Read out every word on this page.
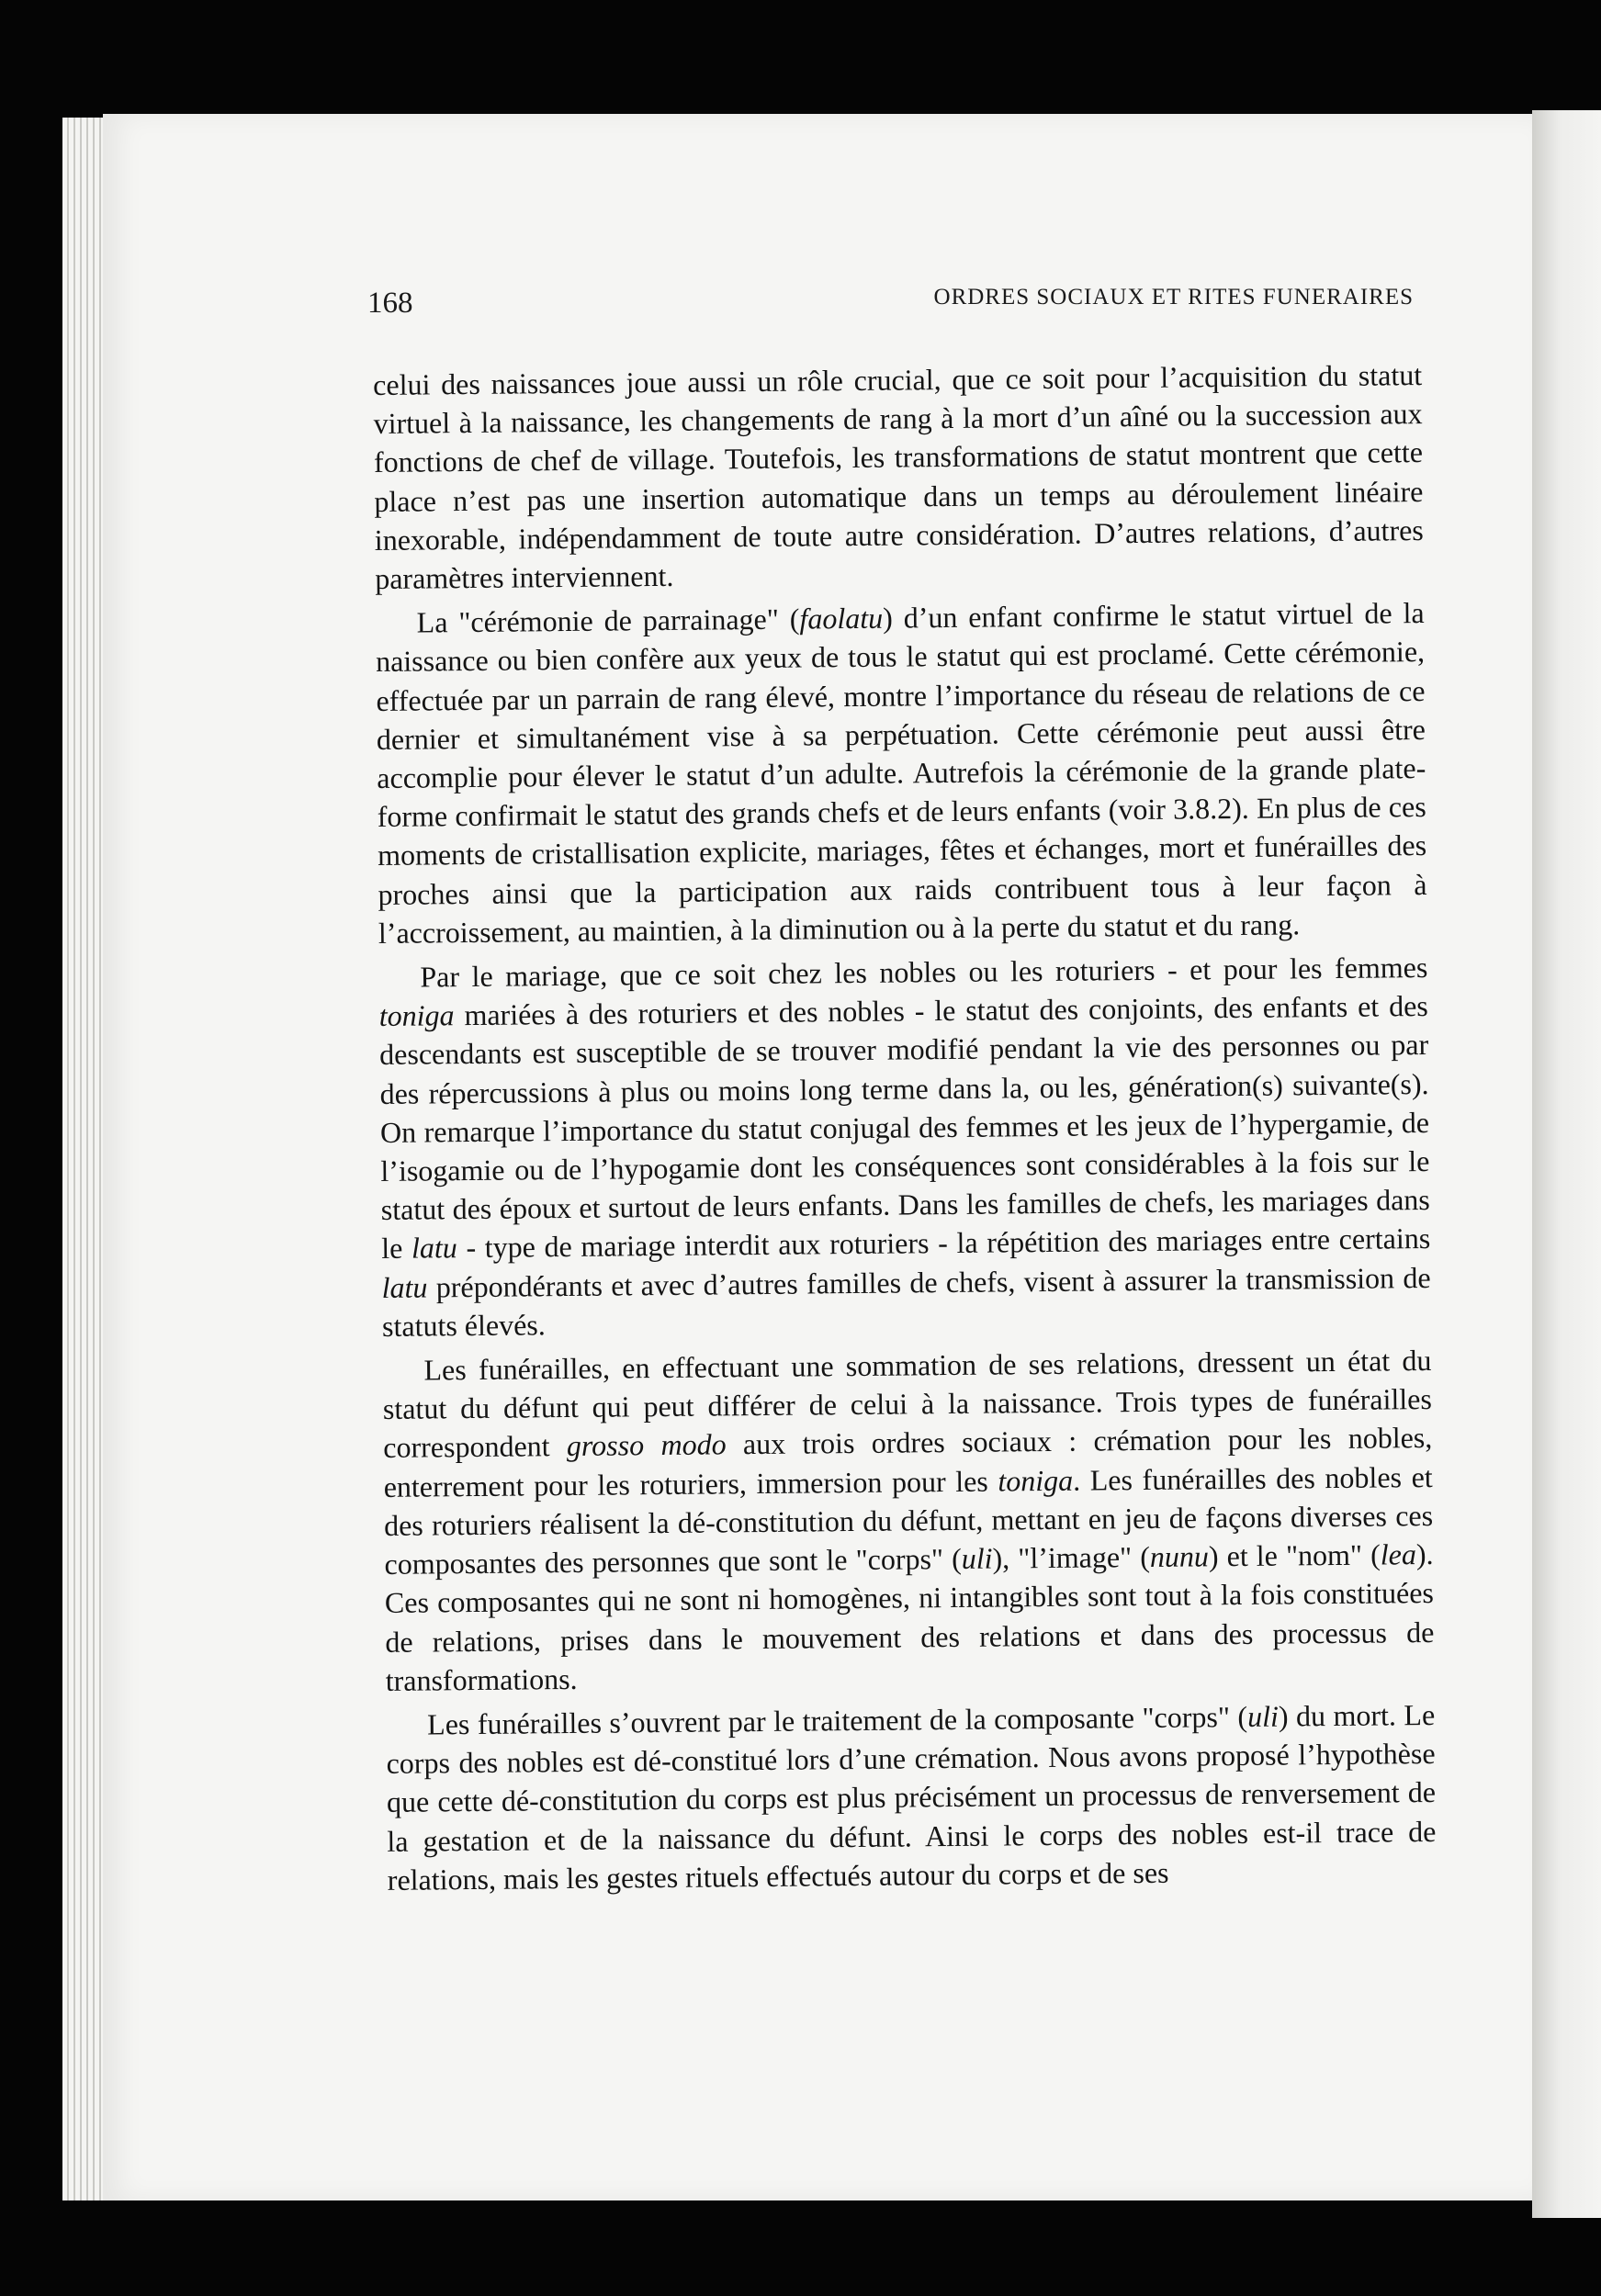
168	ORDRES SOCIAUX ET RITES FUNERAIRES

celui des naissances joue aussi un rôle crucial, que ce soit pour l’acquisition du statut virtuel à la naissance, les changements de rang à la mort d’un aîné ou la succession aux fonctions de chef de village. Toutefois, les transformations de statut montrent que cette place n’est pas une insertion automatique dans un temps au déroulement linéaire inexorable, indépendamment de toute autre considération. D’autres relations, d’autres paramètres interviennent.

La "cérémonie de parrainage" (faolatu) d’un enfant confirme le statut virtuel de la naissance ou bien confère aux yeux de tous le statut qui est proclamé. Cette cérémonie, effectuée par un parrain de rang élevé, montre l’importance du réseau de relations de ce dernier et simultanément vise à sa perpétuation. Cette cérémonie peut aussi être accomplie pour élever le statut d’un adulte. Autrefois la cérémonie de la grande plate-forme confirmait le statut des grands chefs et de leurs enfants (voir 3.8.2). En plus de ces moments de cristallisation explicite, mariages, fêtes et échanges, mort et funérailles des proches ainsi que la participation aux raids contribuent tous à leur façon à l’accroissement, au maintien, à la diminution ou à la perte du statut et du rang.

Par le mariage, que ce soit chez les nobles ou les roturiers - et pour les femmes toniga mariées à des roturiers et des nobles - le statut des conjoints, des enfants et des descendants est susceptible de se trouver modifié pendant la vie des personnes ou par des répercussions à plus ou moins long terme dans la, ou les, génération(s) suivante(s). On remarque l’importance du statut conjugal des femmes et les jeux de l’hypergamie, de l’isogamie ou de l’hypogamie dont les conséquences sont considérables à la fois sur le statut des époux et surtout de leurs enfants. Dans les familles de chefs, les mariages dans le latu - type de mariage interdit aux roturiers - la répétition des mariages entre certains latu prépondérants et avec d’autres familles de chefs, visent à assurer la transmission de statuts élevés.

Les funérailles, en effectuant une sommation de ses relations, dressent un état du statut du défunt qui peut différer de celui à la naissance. Trois types de funérailles correspondent grosso modo aux trois ordres sociaux : crémation pour les nobles, enterrement pour les roturiers, immersion pour les toniga. Les funérailles des nobles et des roturiers réalisent la dé-constitution du défunt, mettant en jeu de façons diverses ces composantes des personnes que sont le "corps" (uli), "l’image" (nunu) et le "nom" (lea). Ces composantes qui ne sont ni homogènes, ni intangibles sont tout à la fois constituées de relations, prises dans le mouvement des relations et dans des processus de transformations.

Les funérailles s’ouvrent par le traitement de la composante "corps" (uli) du mort. Le corps des nobles est dé-constitué lors d’une crémation. Nous avons proposé l’hypothèse que cette dé-constitution du corps est plus précisément un processus de renversement de la gestation et de la naissance du défunt. Ainsi le corps des nobles est-il trace de relations, mais les gestes rituels effectués autour du corps et de ses
